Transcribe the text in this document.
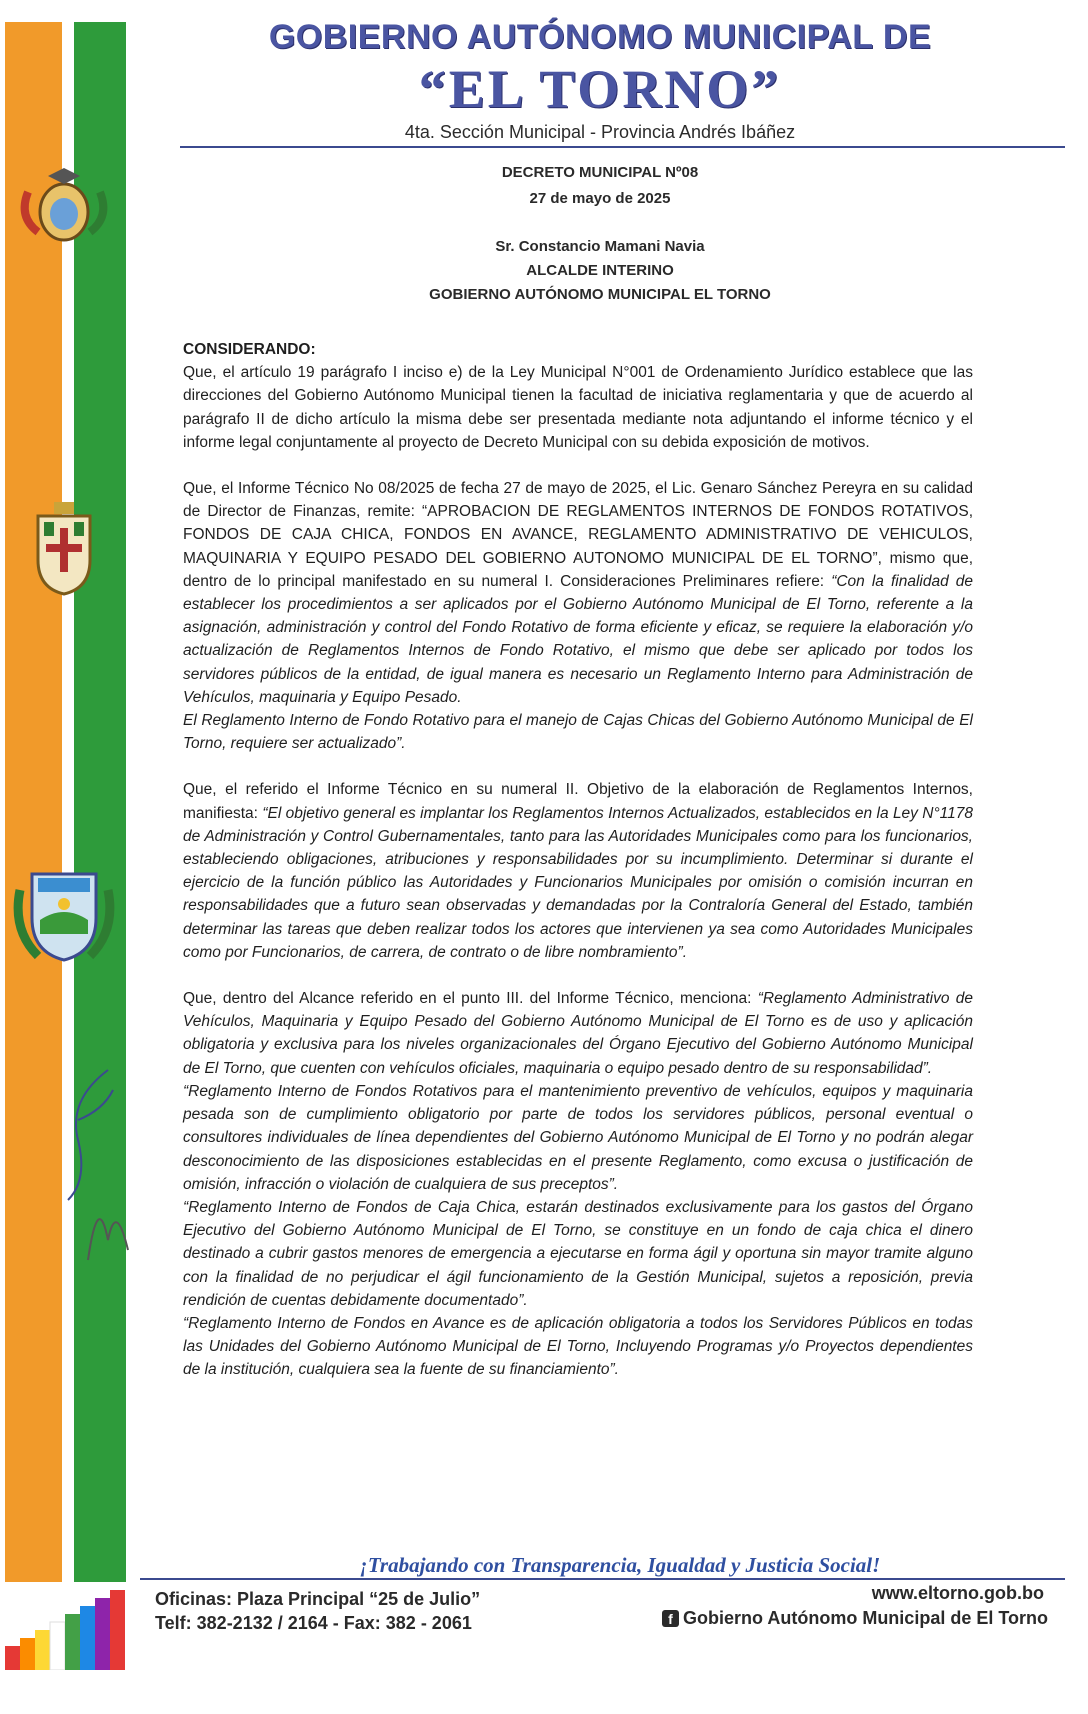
GOBIERNO AUTÓNOMO MUNICIPAL DE
“EL TORNO”
4ta. Sección Municipal - Provincia Andrés Ibáñez
DECRETO MUNICIPAL Nº08
27 de mayo de 2025
Sr. Constancio Mamani Navia
ALCALDE INTERINO
GOBIERNO AUTÓNOMO MUNICIPAL EL TORNO

CONSIDERANDO:

Que, el artículo 19 parágrafo I inciso e) de la Ley Municipal N°001 de Ordenamiento Jurídico establece que las direcciones del Gobierno Autónomo Municipal tienen la facultad de iniciativa reglamentaria y que de acuerdo al parágrafo II de dicho artículo la misma debe ser presentada mediante nota adjuntando el informe técnico y el informe legal conjuntamente al proyecto de Decreto Municipal con su debida exposición de motivos.

Que, el Informe Técnico No 08/2025 de fecha 27 de mayo de 2025, el Lic. Genaro Sánchez Pereyra en su calidad de Director de Finanzas, remite: “APROBACION DE REGLAMENTOS INTERNOS DE FONDOS ROTATIVOS, FONDOS DE CAJA CHICA, FONDOS EN AVANCE, REGLAMENTO ADMINISTRATIVO DE VEHICULOS, MAQUINARIA Y EQUIPO PESADO DEL GOBIERNO AUTONOMO MUNICIPAL DE EL TORNO”, mismo que, dentro de lo principal manifestado en su numeral I. Consideraciones Preliminares refiere: “Con la finalidad de establecer los procedimientos a ser aplicados por el Gobierno Autónomo Municipal de El Torno, referente a la asignación, administración y control del Fondo Rotativo de forma eficiente y eficaz, se requiere la elaboración y/o actualización de Reglamentos Internos de Fondo Rotativo, el mismo que debe ser aplicado por todos los servidores públicos de la entidad, de igual manera es necesario un Reglamento Interno para Administración de Vehículos, maquinaria y Equipo Pesado.

El Reglamento Interno de Fondo Rotativo para el manejo de Cajas Chicas del Gobierno Autónomo Municipal de El Torno, requiere ser actualizado”.

Que, el referido el Informe Técnico en su numeral II. Objetivo de la elaboración de Reglamentos Internos, manifiesta: “El objetivo general es implantar los Reglamentos Internos Actualizados, establecidos en la Ley N°1178 de Administración y Control Gubernamentales, tanto para las Autoridades Municipales como para los funcionarios, estableciendo obligaciones, atribuciones y responsabilidades por su incumplimiento. Determinar si durante el ejercicio de la función público las Autoridades y Funcionarios Municipales por omisión o comisión incurran en responsabilidades que a futuro sean observadas y demandadas por la Contraloría General del Estado, también determinar las tareas que deben realizar todos los actores que intervienen ya sea como Autoridades Municipales como por Funcionarios, de carrera, de contrato o de libre nombramiento”.

Que, dentro del Alcance referido en el punto III. del Informe Técnico, menciona: “Reglamento Administrativo de Vehículos, Maquinaria y Equipo Pesado del Gobierno Autónomo Municipal de El Torno es de uso y aplicación obligatoria y exclusiva para los niveles organizacionales del Órgano Ejecutivo del Gobierno Autónomo Municipal de El Torno, que cuenten con vehículos oficiales, maquinaria o equipo pesado dentro de su responsabilidad”.

“Reglamento Interno de Fondos Rotativos para el mantenimiento preventivo de vehículos, equipos y maquinaria pesada son de cumplimiento obligatorio por parte de todos los servidores públicos, personal eventual o consultores individuales de línea dependientes del Gobierno Autónomo Municipal de El Torno y no podrán alegar desconocimiento de las disposiciones establecidas en el presente Reglamento, como excusa o justificación de omisión, infracción o violación de cualquiera de sus preceptos”.

“Reglamento Interno de Fondos de Caja Chica, estarán destinados exclusivamente para los gastos del Órgano Ejecutivo del Gobierno Autónomo Municipal de El Torno, se constituye en un fondo de caja chica el dinero destinado a cubrir gastos menores de emergencia a ejecutarse en forma ágil y oportuna sin mayor tramite alguno con la finalidad de no perjudicar el ágil funcionamiento de la Gestión Municipal, sujetos a reposición, previa rendición de cuentas debidamente documentado”.

“Reglamento Interno de Fondos en Avance es de aplicación obligatoria a todos los Servidores Públicos en todas las Unidades del Gobierno Autónomo Municipal de El Torno, Incluyendo Programas y/o Proyectos dependientes de la institución, cualquiera sea la fuente de su financiamiento”.

¡Trabajando con Transparencia, Igualdad y Justicia Social!
Oficinas: Plaza Principal “25 de Julio”
Telf: 382-2132 / 2164 - Fax: 382 - 2061
www.eltorno.gob.bo
f Gobierno Autónomo Municipal de El Torno
